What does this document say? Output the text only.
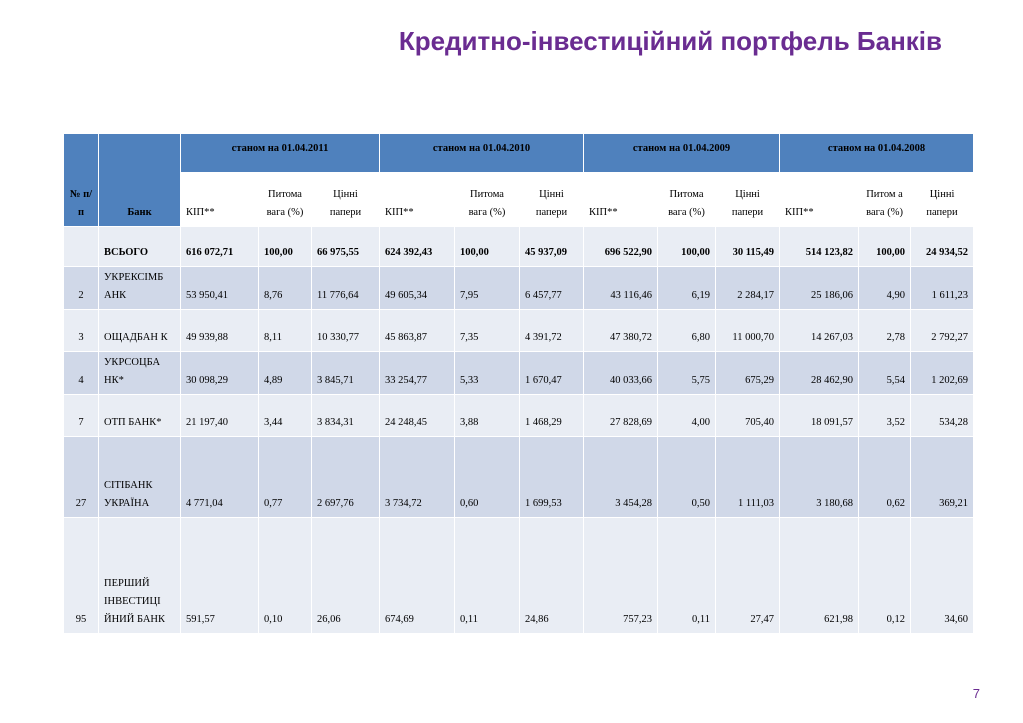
Кредитно-інвестиційний портфель Банків
№ п/п	Банк	станом на 01.04.2011			станом на 01.04.2010			станом на 01.04.2009			станом на 01.04.2008		
		КІП**	Питома вага (%)	Цінні папери	КІП**	Питома вага (%)	Цінні папери	КІП**	Питома вага (%)	Цінні папери	КІП**	Питом а вага (%)	Цінні папери
	ВСЬОГО	616 072,71	100,00	66 975,55	624 392,43	100,00	45 937,09	696 522,90	100,00	30 115,49	514 123,82	100,00	24 934,52
2	УКРЕКСІМБ АНК	53 950,41	8,76	11 776,64	49 605,34	7,95	6 457,77	43 116,46	6,19	2 284,17	25 186,06	4,90	1 611,23
3	ОЩАДБАН К	49 939,88	8,11	10 330,77	45 863,87	7,35	4 391,72	47 380,72	6,80	11 000,70	14 267,03	2,78	2 792,27
4	УКРСОЦБА НК*	30 098,29	4,89	3 845,71	33 254,77	5,33	1 670,47	40 033,66	5,75	675,29	28 462,90	5,54	1 202,69
7	ОТП БАНК*	21 197,40	3,44	3 834,31	24 248,45	3,88	1 468,29	27 828,69	4,00	705,40	18 091,57	3,52	534,28
27	СІТІБАНК УКРАЇНА	4 771,04	0,77	2 697,76	3 734,72	0,60	1 699,53	3 454,28	0,50	1 111,03	3 180,68	0,62	369,21
95	ПЕРШИЙ ІНВЕСТИЦІ ЙНИЙ БАНК	591,57	0,10	26,06	674,69	0,11	24,86	757,23	0,11	27,47	621,98	0,12	34,60
7
